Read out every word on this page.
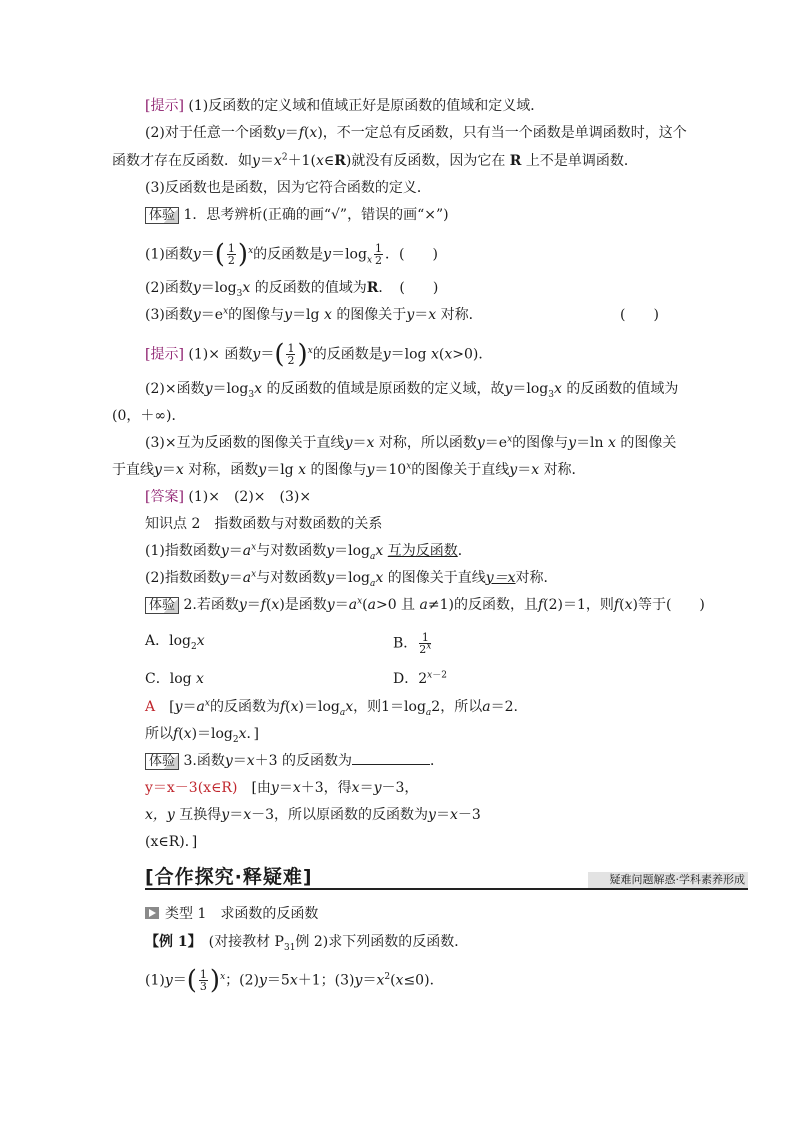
[提示] (1)反函数的定义域和值域正好是原函数的值域和定义域．
(2)对于任意一个函数y＝f(x)，不一定总有反函数，只有当一个函数是单调函数时，这个
函数才存在反函数．如$y=x^2+1(x\in R)$就没有反函数，因为它在 R 上不是单调函数．
(3)反函数也是函数，因为它符合函数的定义．
体验 1．思考辨析(正确的画“√”，错误的画“×”)
(1)函数$y=( \frac{1}{2} )^x$的反函数是$y=\log_x \frac{1}{2}$ ．(　　)
(2)函数$y=\log_3x$ 的反函数的值域为R．　(　　)
(3)函数$y=e^x$的图像与y＝lg x 的图像关于y＝x 对称．	(　　)
[提示] (1)× 函数$y=( \frac{1}{2} )^x$的反函数是y＝log x(x>0)．
(2)×函数$y=\log_3x$ 的反函数的值域是原函数的定义域，故$y=\log_3x$ 的反函数的值域为
(0，＋∞)．
(3)×互为反函数的图像关于直线y＝x 对称，所以函数$y=e^x$的图像与y＝ln x 的图像关
于直线y＝x 对称，函数y＝lg x 的图像与$y=10^x$的图像关于直线y＝x 对称．
[答案] (1)×　(2)×　(3)×
知识点 2　指数函数与对数函数的关系
(1)指数函数$y=a^x$与对数函数$y=\log_ax$ 互为反函数．
(2)指数函数$y=a^x$与对数函数$y=\log_ax$ 的图像关于直线y＝x对称．
体验 2.若函数y＝f(x)是函数$y=a^x(a>0$ 且 a≠1)的反函数，且f(2)＝1，则f(x)等于(　　)
A．$\log_2x$	B． $\frac{1}{2^x}$
C．log x	D．$2^{x-2}$
A　 [$y=a^x$的反函数为$f(x)=\log_ax$，则$1=\log_a2$，所以a＝2.
所以$f(x)=\log_2x$．]
体验 3.函数y＝x＋3 的反函数为	．
y＝x－3(x∈R)　 [由y＝x＋3，得x＝y－3，
x，y 互换得y＝x－3，所以原函数的反函数为y＝x－3
(x∈R)．]
[合作探究·释疑难]	疑难问题解惑·学科素养形成
类型 1　求函数的反函数
【例 1】　 (对接教材 $P_{31}$例 2)求下列函数的反函数．
$(1)y=( \frac{1}{3} )^x$；(2)y＝5x＋1；$(3)y=x^2(x\le 0)$．
